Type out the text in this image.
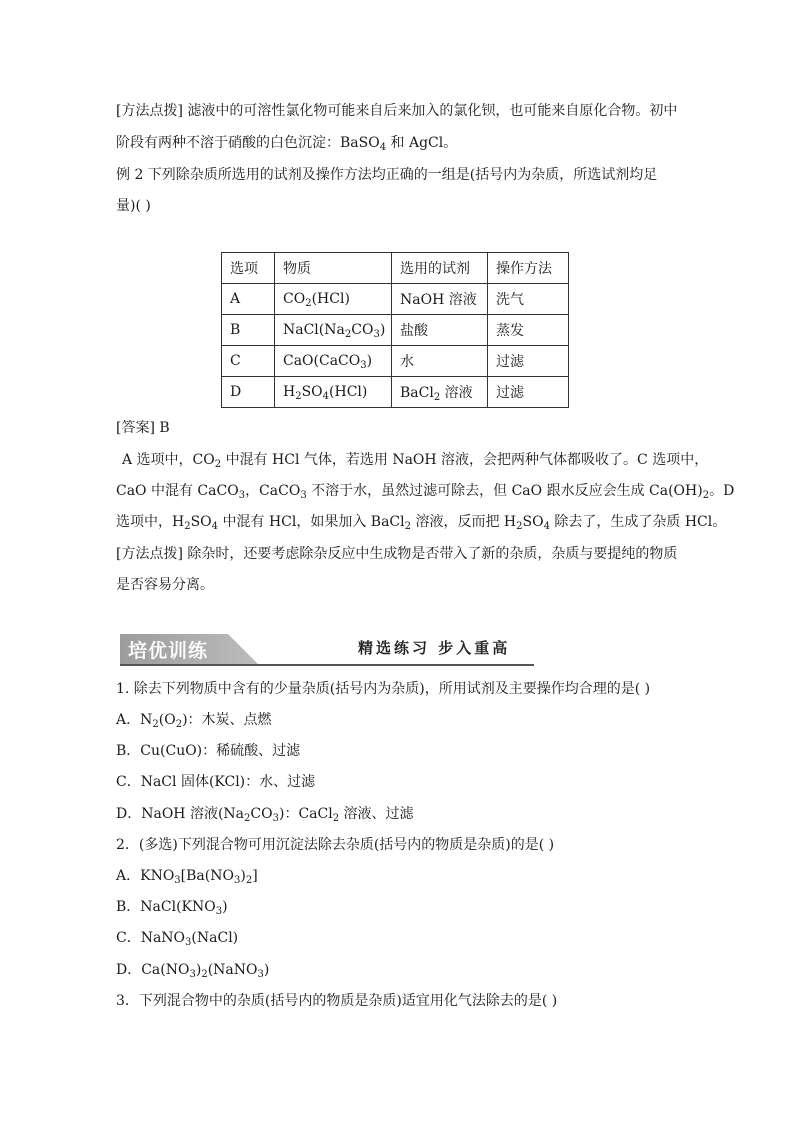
[方法点拨] 滤液中的可溶性氯化物可能来自后来加入的氯化钡，也可能来自原化合物。初中
阶段有两种不溶于硝酸的白色沉淀：BaSO$_4$ 和 AgCl。
例 2 下列除杂质所选用的试剂及操作方法均正确的一组是(括号内为杂质，所选试剂均足
量)( )
选项	物质	选用的试剂	操作方法
A	$CO_2(HCl)$	NaOH 溶液	洗气
B	$NaCl(Na_2CO_3)$	盐酸	蒸发
C	CaO(CaCO$_3$)	水	过滤
D	$H_2SO_4(HCl)$	BaCl$_2$ 溶液	过滤
[答案] B
A 选项中，$CO_2$ 中混有 HCl 气体，若选用 NaOH 溶液，会把两种气体都吸收了。C 选项中，
CaO 中混有 CaCO$_3$，CaCO$_3$ 不溶于水，虽然过滤可除去，但 CaO 跟水反应会生成 $Ca(OH)_2$。D
选项中，$H_2SO_4$ 中混有 HCl，如果加入 BaCl$_2$ 溶液，反而把 $H_2SO_4$ 除去了，生成了杂质 HCl。
[方法点拨] 除杂时，还要考虑除杂反应中生成物是否带入了新的杂质，杂质与要提纯的物质
是否容易分离。
培优训练	精选练习 步入重高
1. 除去下列物质中含有的少量杂质(括号内为杂质)，所用试剂及主要操作均合理的是( )
A．$N_2(O_2)$：木炭、点燃
B．Cu(CuO)：稀硫酸、过滤
C．NaCl 固体(KCl)：水、过滤
D．NaOH 溶液$(Na_2CO_3)$：CaCl$_2$ 溶液、过滤
2．(多选)下列混合物可用沉淀法除去杂质(括号内的物质是杂质)的是( )
A．$KNO_3[Ba(NO_3)_2]$
B．$NaCl(KNO_3)$
C．NaNO$_3$(NaCl)
D．$Ca(NO_3)_2(NaNO_3)$
3．下列混合物中的杂质(括号内的物质是杂质)适宜用化气法除去的是( )
